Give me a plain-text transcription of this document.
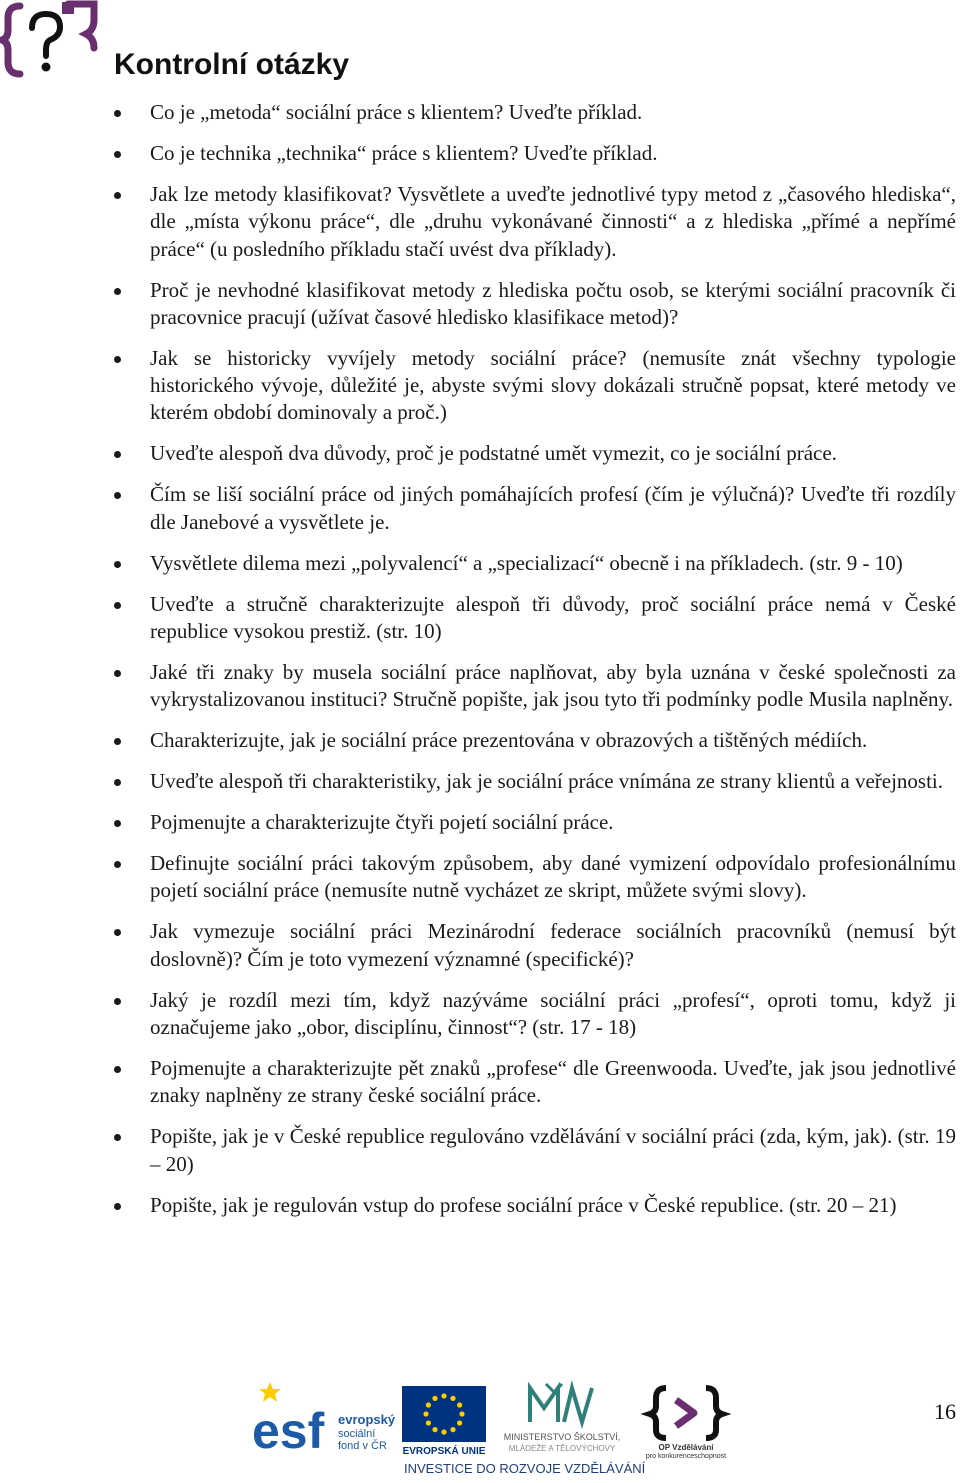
Kontrolní otázky
Co je „metoda“ sociální práce s klientem? Uveďte příklad.
Co je technika „technika“ práce s klientem? Uveďte příklad.
Jak lze metody klasifikovat? Vysvětlete a uveďte jednotlivé typy metod z „časového hlediska“, dle „místa výkonu práce“, dle „druhu vykonávané činnosti“ a z hlediska „přímé a nepřímé práce“ (u posledního příkladu stačí uvést dva příklady).
Proč je nevhodné klasifikovat metody z hlediska počtu osob, se kterými sociální pracovník či pracovnice pracují (užívat časové hledisko klasifikace metod)?
Jak se historicky vyvíjely metody sociální práce? (nemusíte znát všechny typologie historického vývoje, důležité je, abyste svými slovy dokázali stručně popsat, které metody ve kterém období dominovaly a proč.)
Uveďte alespoň dva důvody, proč je podstatné umět vymezit, co je sociální práce.
Čím se liší sociální práce od jiných pomáhajících profesí (čím je výlučná)? Uveďte tři rozdíly dle Janebové a vysvětlete je.
Vysvětlete dilema mezi „polyvalencí“ a „specializací“ obecně i na příkladech. (str. 9 - 10)
Uveďte a stručně charakterizujte alespoň tři důvody, proč sociální práce nemá v České republice vysokou prestiž. (str. 10)
Jaké tři znaky by musela sociální práce naplňovat, aby byla uznána v české společnosti za vykrystalizovanou instituci? Stručně popište, jak jsou tyto tři podmínky podle Musila naplněny.
Charakterizujte, jak je sociální práce prezentována v obrazových a tištěných médiích.
Uveďte alespoň tři charakteristiky, jak je sociální práce vnímána ze strany klientů a veřejnosti.
Pojmenujte a charakterizujte čtyři pojetí sociální práce.
Definujte sociální práci takovým způsobem, aby dané vymizení odpovídalo profesionálnímu pojetí sociální práce (nemusíte nutně vycházet ze skript, můžete svými slovy).
Jak vymezuje sociální práci Mezinárodní federace sociálních pracovníků (nemusí být doslovně)? Čím je toto vymezení významné (specifické)?
Jaký je rozdíl mezi tím, když nazýváme sociální práci „profesí“, oproti tomu, když ji označujeme jako „obor, disciplínu, činnost“? (str. 17 - 18)
Pojmenujte a charakterizujte pět znaků „profese“ dle Greenwooda. Uveďte, jak jsou jednotlivé znaky naplněny ze strany české sociální práce.
Popište, jak je v České republice regulováno vzdělávání v sociální práci (zda, kým, jak). (str. 19 – 20)
Popište, jak je regulován vstup do profese sociální práce v České republice. (str. 20 – 21)
esf evropský
sociální
fond v ČR EVROPSKÁ UNIE
MINISTERSTVO ŠKOLSTVÍ,
MLÁDEŽE A TĚLOVÝCHOVY	OP Vzdělávání
pro konkurenceschopnost
INVESTICE DO ROZVOJE VZDĚLÁVÁNÍ
16
